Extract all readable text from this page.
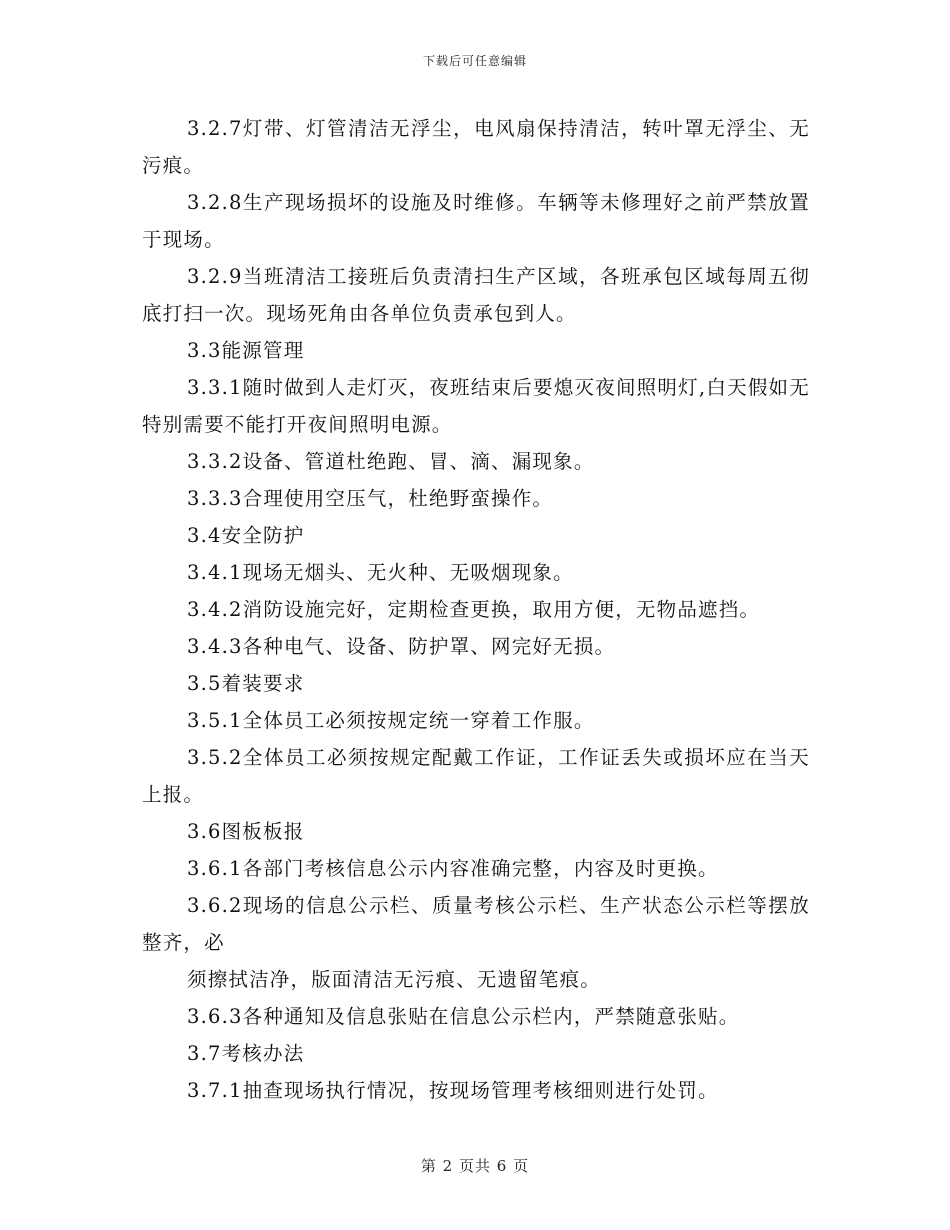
下载后可任意编辑

3.2.7灯带、灯管清洁无浮尘，电风扇保持清洁，转叶罩无浮尘、无污痕。

3.2.8生产现场损坏的设施及时维修。车辆等未修理好之前严禁放置于现场。

3.2.9当班清洁工接班后负责清扫生产区域，各班承包区域每周五彻底打扫一次。现场死角由各单位负责承包到人。

3.3能源管理

3.3.1随时做到人走灯灭，夜班结束后要熄灭夜间照明灯,白天假如无特别需要不能打开夜间照明电源。

3.3.2设备、管道杜绝跑、冒、滴、漏现象。

3.3.3合理使用空压气，杜绝野蛮操作。

3.4安全防护

3.4.1现场无烟头、无火种、无吸烟现象。

3.4.2消防设施完好，定期检查更换，取用方便，无物品遮挡。

3.4.3各种电气、设备、防护罩、网完好无损。

3.5着装要求

3.5.1全体员工必须按规定统一穿着工作服。

3.5.2全体员工必须按规定配戴工作证，工作证丢失或损坏应在当天上报。

3.6图板板报

3.6.1各部门考核信息公示内容准确完整，内容及时更换。

3.6.2现场的信息公示栏、质量考核公示栏、生产状态公示栏等摆放整齐，必

须擦拭洁净，版面清洁无污痕、无遗留笔痕。

3.6.3各种通知及信息张贴在信息公示栏内，严禁随意张贴。

3.7考核办法

3.7.1抽查现场执行情况，按现场管理考核细则进行处罚。

第 2 页共 6 页
